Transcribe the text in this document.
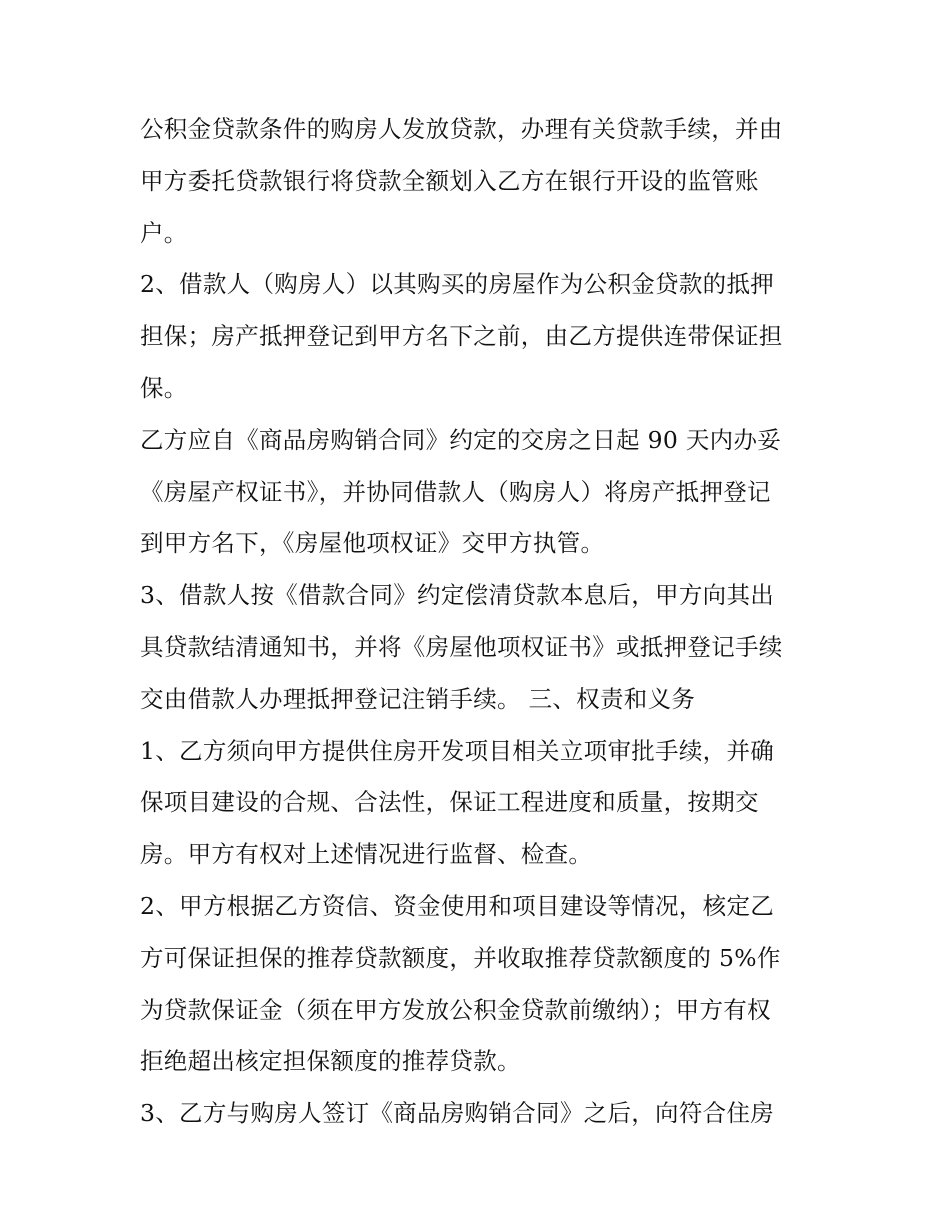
公积金贷款条件的购房人发放贷款，办理有关贷款手续，并由
甲方委托贷款银行将贷款全额划入乙方在银行开设的监管账
户。
2、借款人（购房人）以其购买的房屋作为公积金贷款的抵押
担保；房产抵押登记到甲方名下之前，由乙方提供连带保证担
保。
乙方应自《商品房购销合同》约定的交房之日起 90 天内办妥
《房屋产权证书》，并协同借款人（购房人）将房产抵押登记
到甲方名下，《房屋他项权证》交甲方执管。
3、借款人按《借款合同》约定偿清贷款本息后，甲方向其出
具贷款结清通知书，并将《房屋他项权证书》或抵押登记手续
交由借款人办理抵押登记注销手续。 三、权责和义务
1、乙方须向甲方提供住房开发项目相关立项审批手续，并确
保项目建设的合规、合法性，保证工程进度和质量，按期交
房。甲方有权对上述情况进行监督、检查。
2、甲方根据乙方资信、资金使用和项目建设等情况，核定乙
方可保证担保的推荐贷款额度，并收取推荐贷款额度的 5%作
为贷款保证金（须在甲方发放公积金贷款前缴纳）；甲方有权
拒绝超出核定担保额度的推荐贷款。
3、乙方与购房人签订《商品房购销合同》之后，向符合住房
